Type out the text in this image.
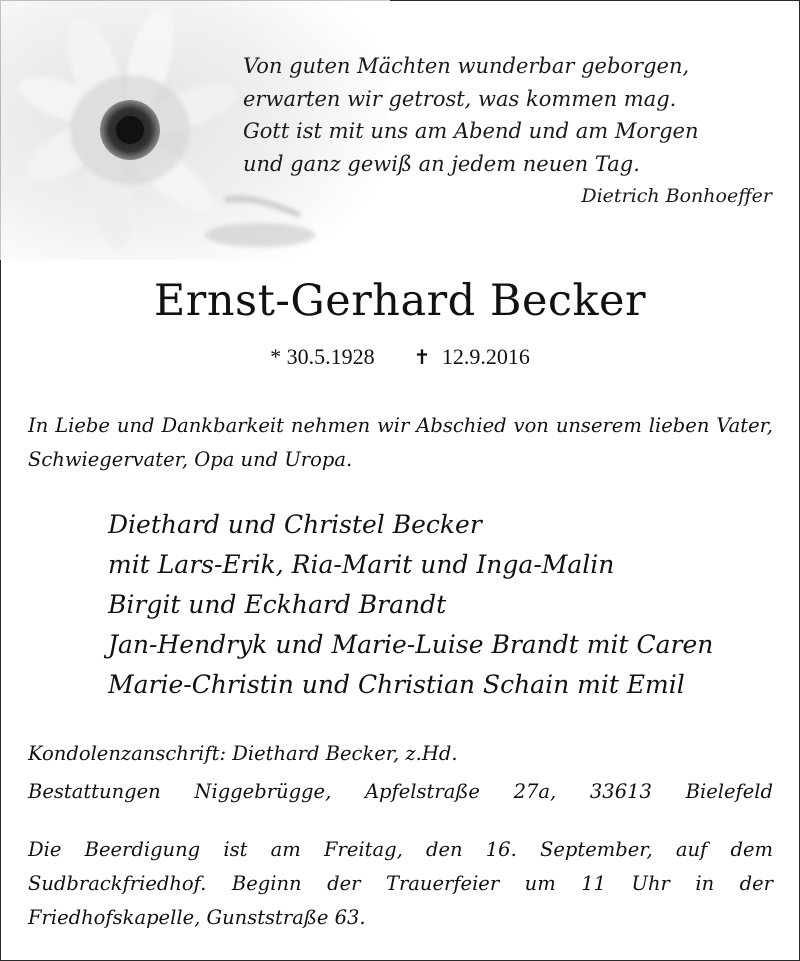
Von guten Mächten wunderbar geborgen,
erwarten wir getrost, was kommen mag.
Gott ist mit uns am Abend und am Morgen
und ganz gewiß an jedem neuen Tag.
Dietrich Bonhoeffer
Ernst-Gerhard Becker
* 30.5.1928 ✝ 12.9.2016
In Liebe und Dankbarkeit nehmen wir Abschied von unserem lieben Vater, Schwiegervater, Opa und Uropa.
Diethard und Christel Becker
mit Lars-Erik, Ria-Marit und Inga-Malin
Birgit und Eckhard Brandt
Jan-Hendryk und Marie-Luise Brandt mit Caren
Marie-Christin und Christian Schain mit Emil
Kondolenzanschrift: Diethard Becker, z.Hd.
Bestattungen Niggebrügge, Apfelstraße 27a, 33613 Bielefeld
Die Beerdigung ist am Freitag, den 16. September, auf dem
Sudbrackfriedhof. Beginn der Trauerfeier um 11 Uhr in der
Friedhofskapelle, Gunststraße 63.
